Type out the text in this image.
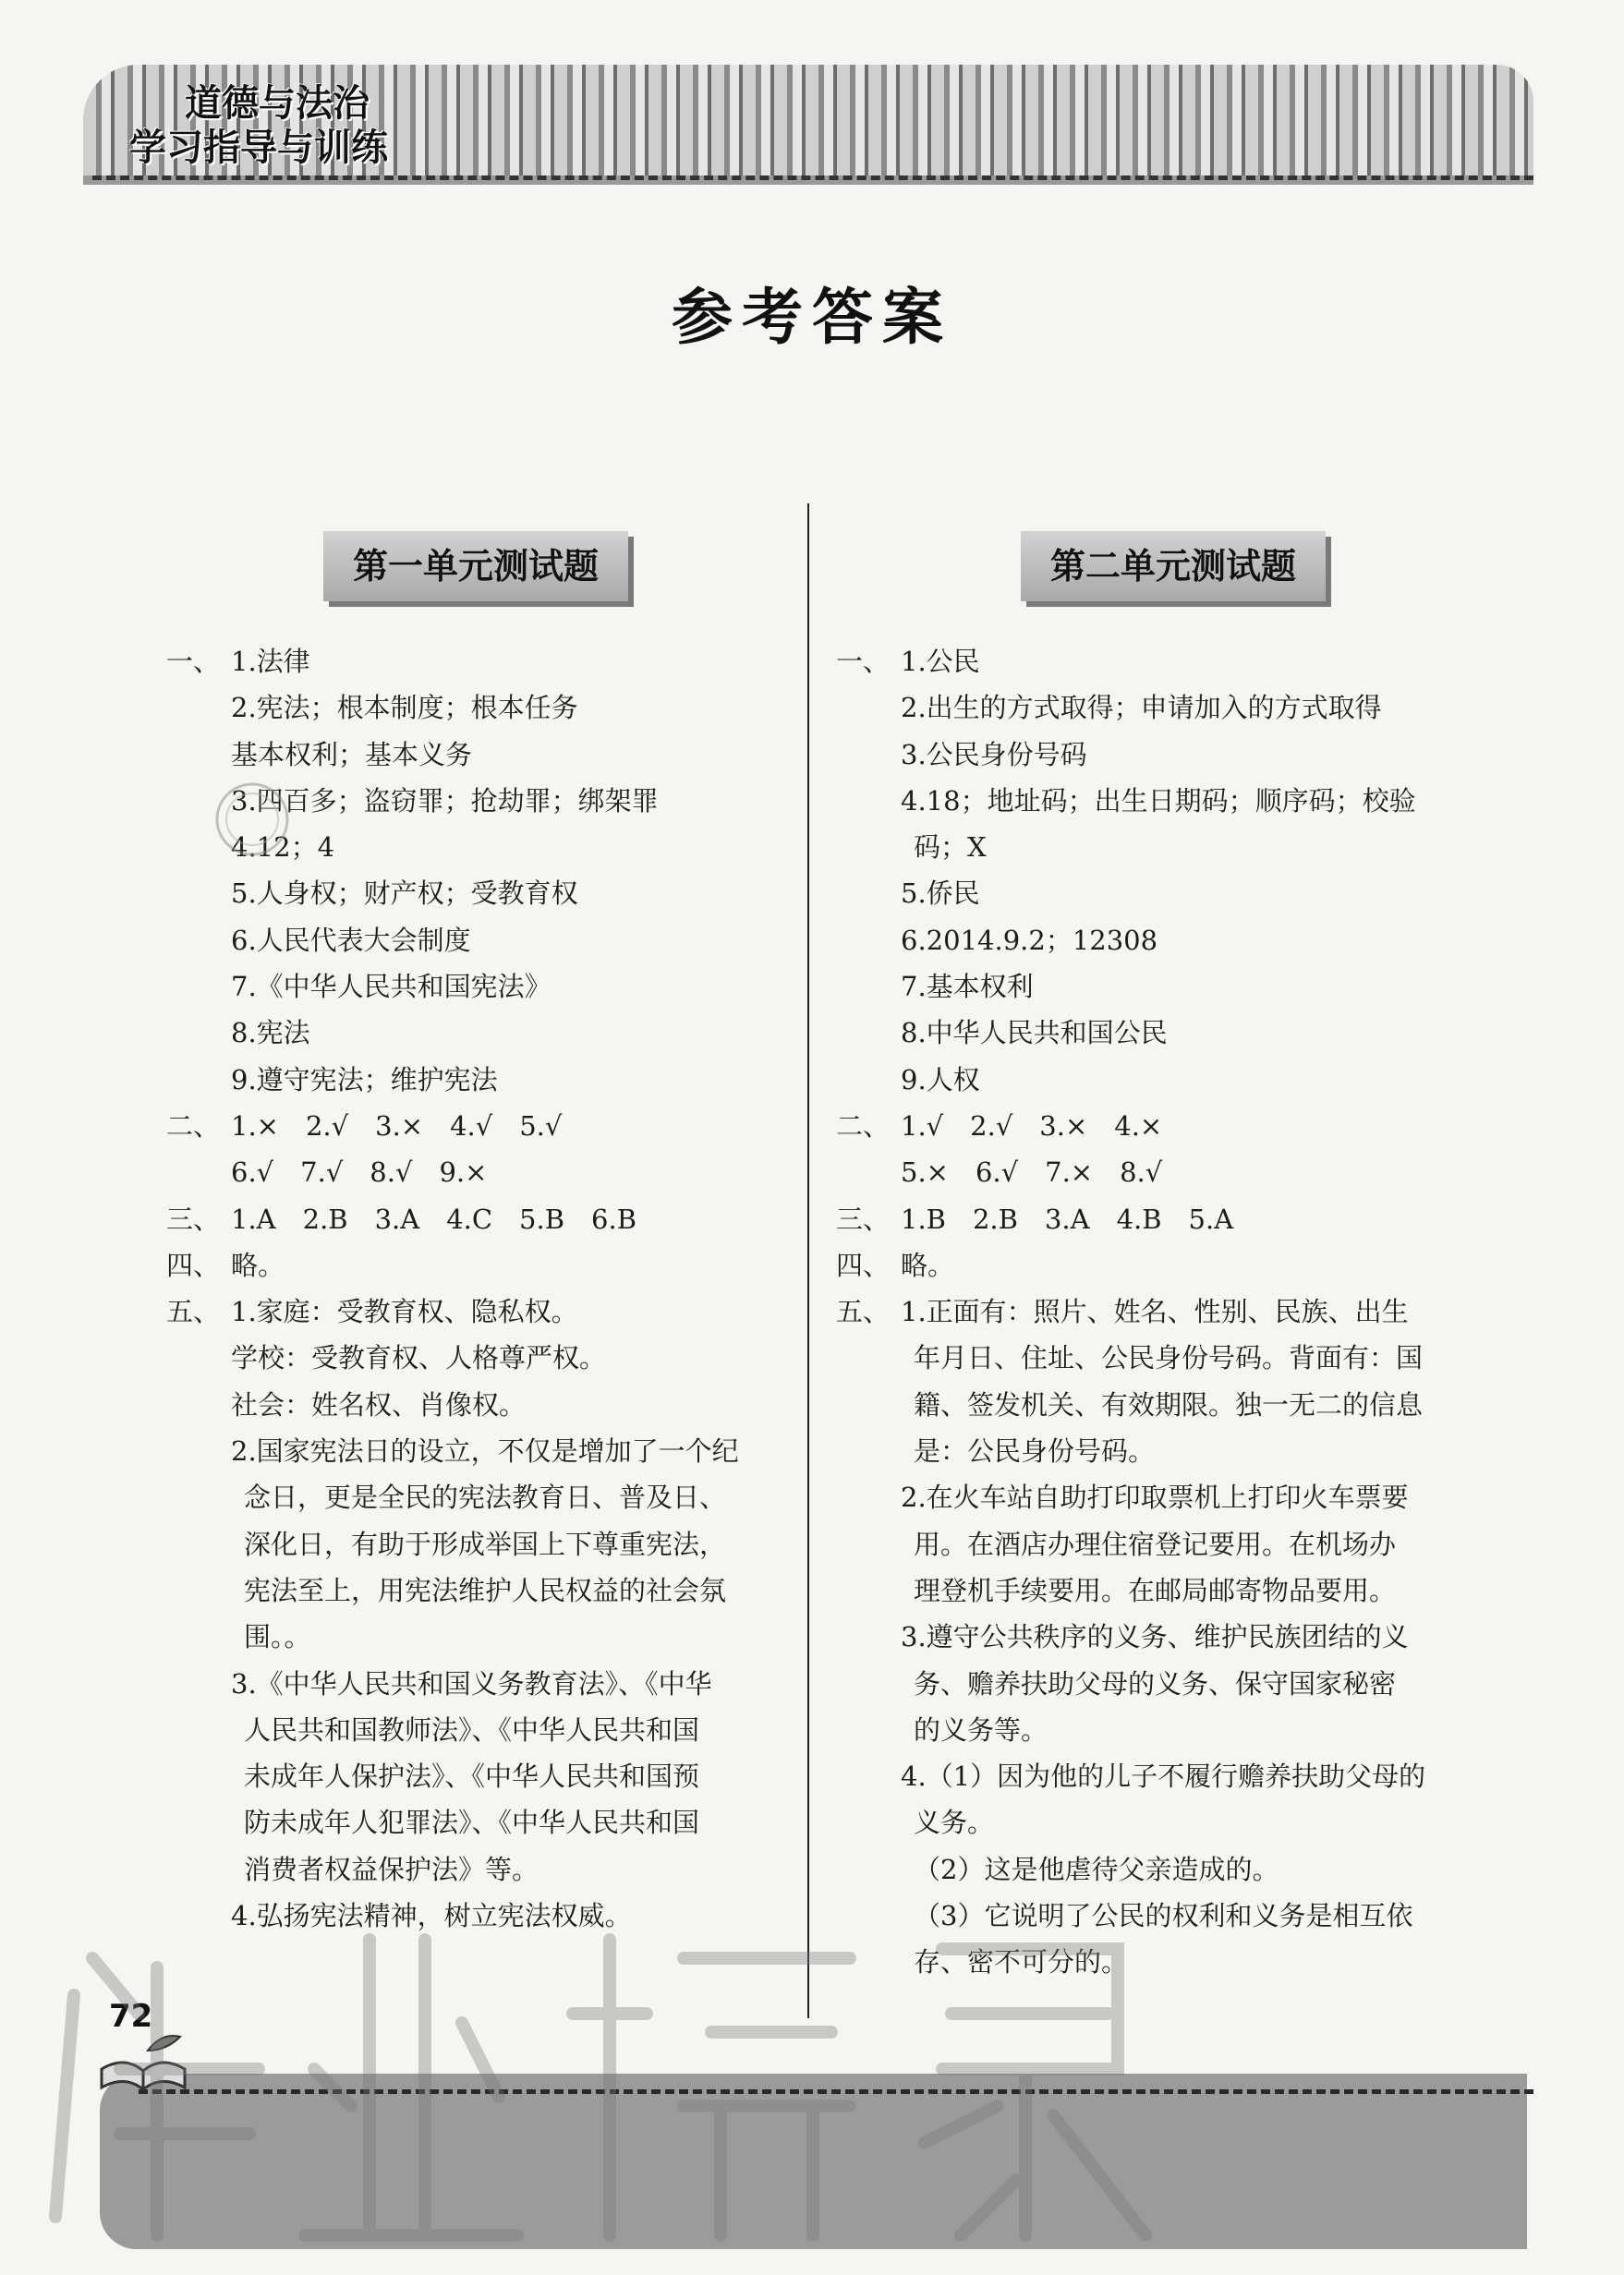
道德与法治
学习指导与训练
参考答案
第一单元测试题
一、 1.法律
2.宪法；根本制度；根本任务
基本权利；基本义务
3.四百多；盗窃罪；抢劫罪；绑架罪
4.12；4
5.人身权；财产权；受教育权
6.人民代表大会制度
7.《中华人民共和国宪法》
8.宪法
9.遵守宪法；维护宪法
二、 1.×　2.√　3.×　4.√　5.√
6.√　7.√　8.√　9.×
三、 1.A　2.B　3.A　4.C　5.B　6.B
四、 略。
五、 1.家庭：受教育权、隐私权。
学校：受教育权、人格尊严权。
社会：姓名权、肖像权。
2.国家宪法日的设立，不仅是增加了一个纪
念日，更是全民的宪法教育日、普及日、
深化日，有助于形成举国上下尊重宪法，
宪法至上，用宪法维护人民权益的社会氛
围。。
3.《中华人民共和国义务教育法》、《中华
人民共和国教师法》、《中华人民共和国
未成年人保护法》、《中华人民共和国预
防未成年人犯罪法》、《中华人民共和国
消费者权益保护法》等。
4.弘扬宪法精神，树立宪法权威。
第二单元测试题
一、 1.公民
2.出生的方式取得；申请加入的方式取得
3.公民身份号码
4.18；地址码；出生日期码；顺序码；校验
码；X
5.侨民
6.2014.9.2；12308
7.基本权利
8.中华人民共和国公民
9.人权
二、 1.√　2.√　3.×　4.×
5.×　6.√　7.×　8.√
三、 1.B　2.B　3.A　4.B　5.A
四、 略。
五、 1.正面有：照片、姓名、性别、民族、出生
年月日、住址、公民身份号码。背面有：国
籍、签发机关、有效期限。独一无二的信息
是：公民身份号码。
2.在火车站自助打印取票机上打印火车票要
用。在酒店办理住宿登记要用。在机场办
理登机手续要用。在邮局邮寄物品要用。
3.遵守公共秩序的义务、维护民族团结的义
务、赡养扶助父母的义务、保守国家秘密
的义务等。
4.（1）因为他的儿子不履行赡养扶助父母的
义务。
（2）这是他虐待父亲造成的。
（3）它说明了公民的权利和义务是相互依
存、密不可分的。
72
